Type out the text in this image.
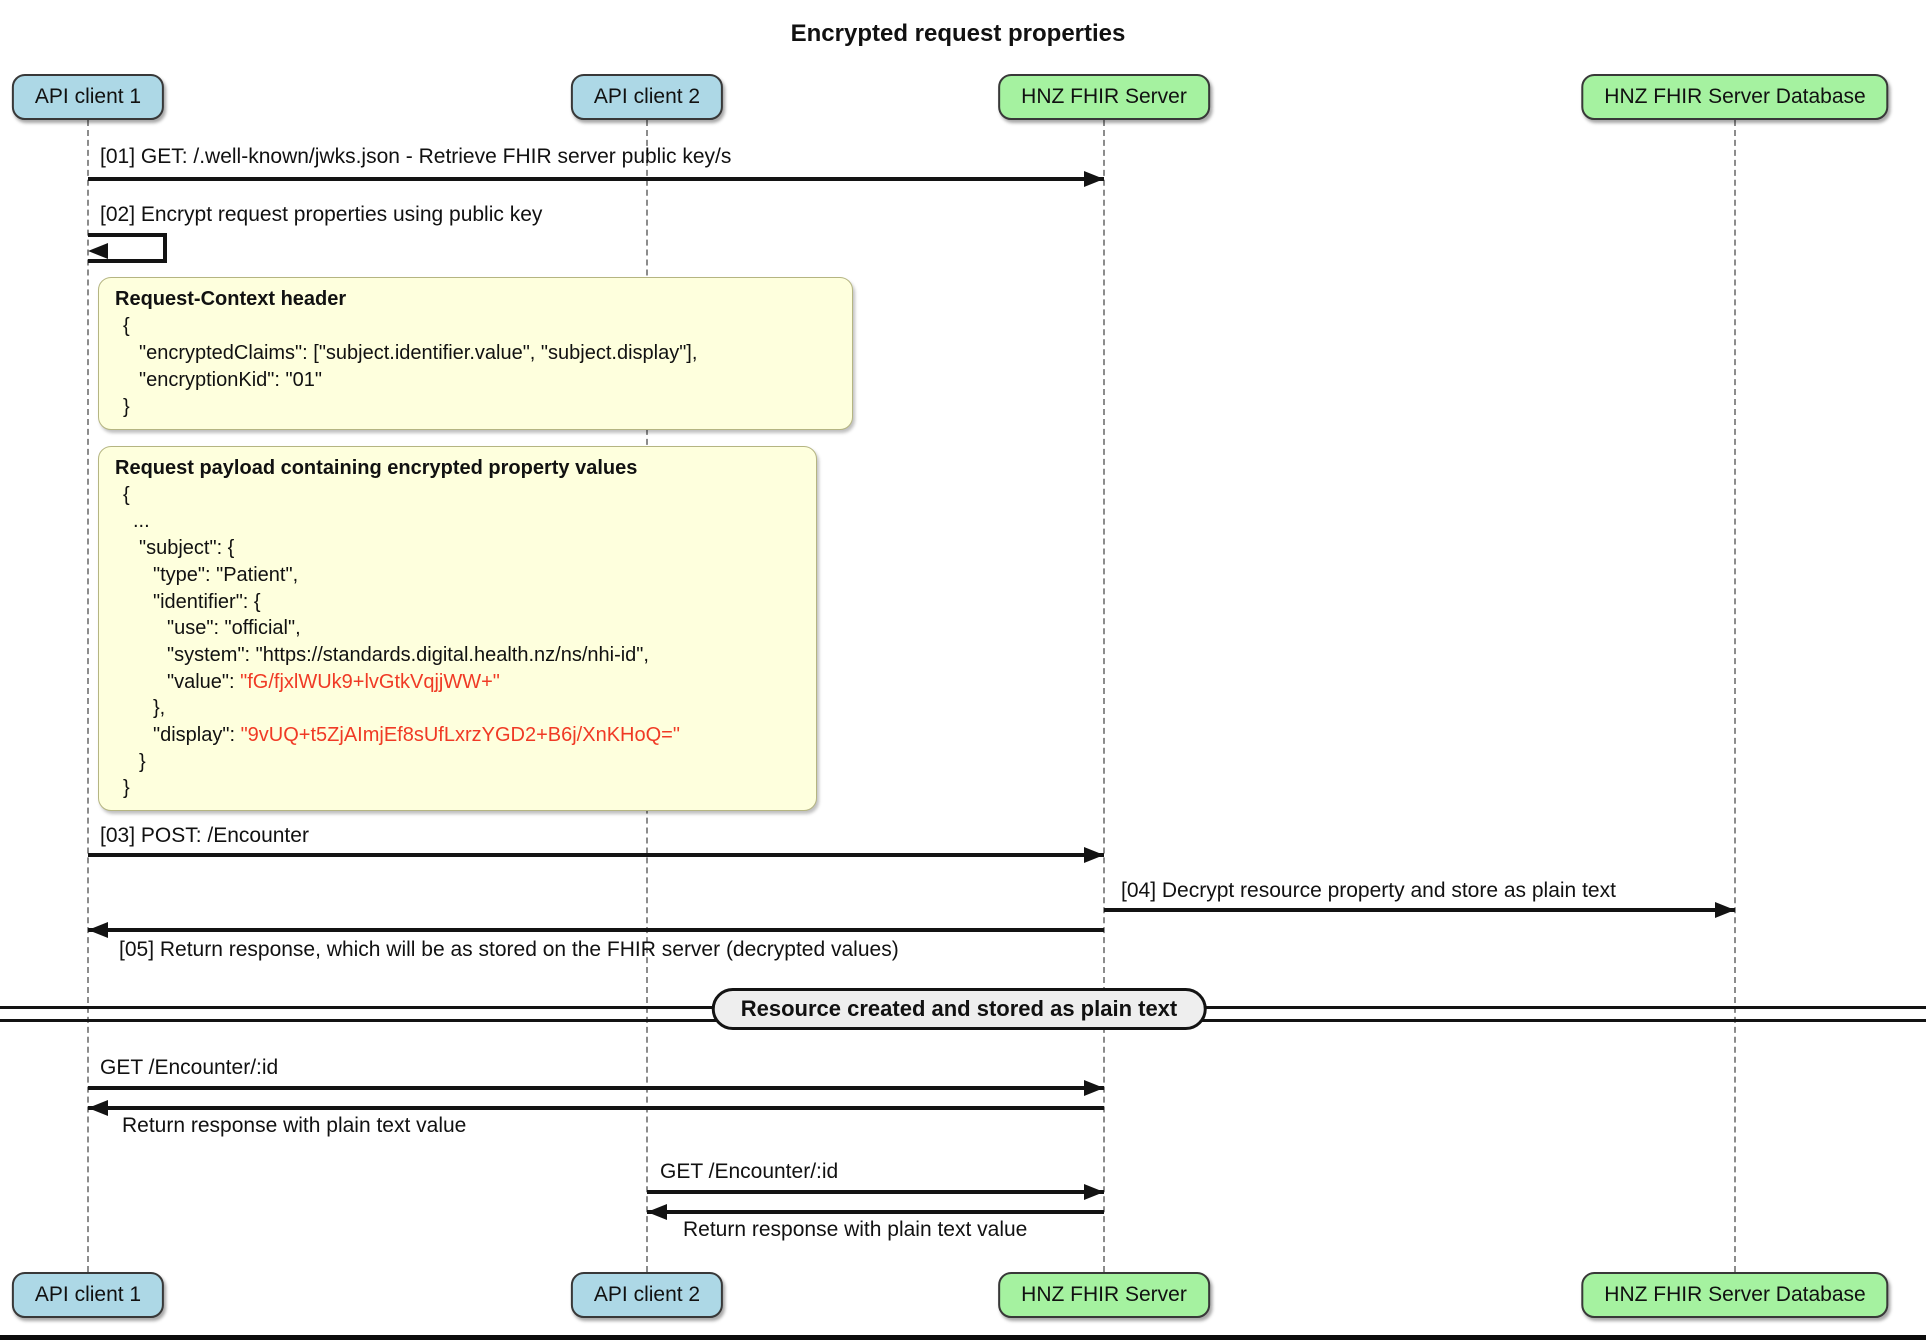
Encrypted request properties
API client 1	API client 2	HNZ FHIR Server	HNZ FHIR Server Database
[01] GET: /.well-known/jwks.json - Retrieve FHIR server public key/s
[02] Encrypt request properties using public key
Request-Context header
{
"encryptedClaims": ["subject.identifier.value", "subject.display"],
"encryptionKid": "01"
}
Request payload containing encrypted property values
{
...
"subject": {
"type": "Patient",
"identifier": {
"use": "official",
"system": "https://standards.digital.health.nz/ns/nhi-id",
"value": "fG/fjxlWUk9+lvGtkVqjjWW+"
},
"display": "9vUQ+t5ZjAImjEf8sUfLxrzYGD2+B6j/XnKHoQ="
}
}
[03] POST: /Encounter
[04] Decrypt resource property and store as plain text
[05] Return response, which will be as stored on the FHIR server (decrypted values)
Resource created and stored as plain text
GET /Encounter/:id
Return response with plain text value
GET /Encounter/:id
Return response with plain text value
API client 1	API client 2	HNZ FHIR Server	HNZ FHIR Server Database
